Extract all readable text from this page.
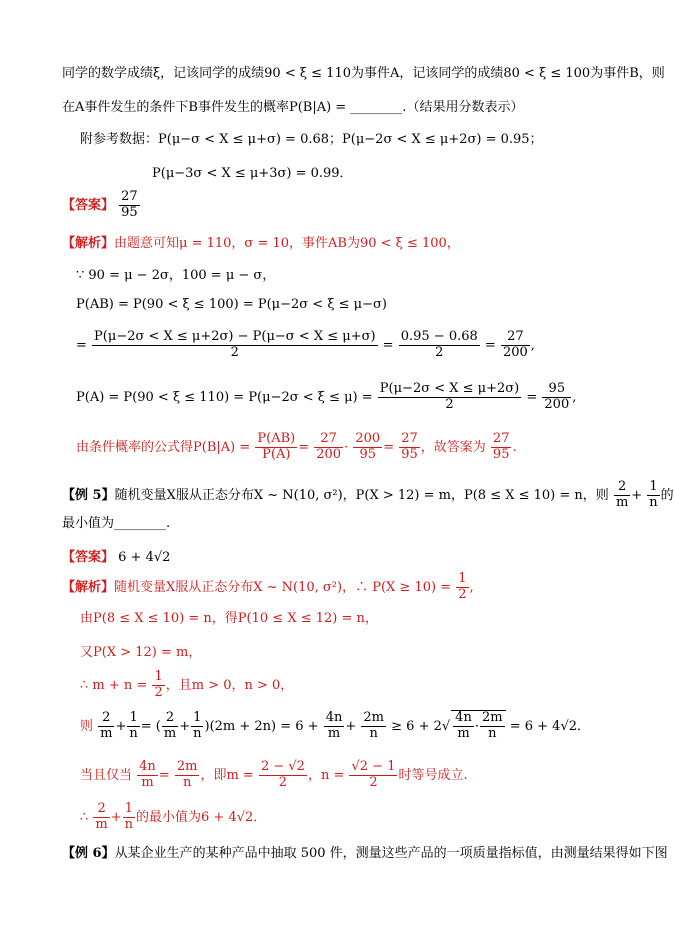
同学的数学成绩ξ，记该同学的成绩90 < ξ ≤ 110为事件A，记该同学的成绩80 < ξ ≤ 100为事件B，则
在A事件发生的条件下B事件发生的概率P(B|A) = ________.（结果用分数表示）
附参考数据：P(μ−σ < X ≤ μ+σ) = 0.68；P(μ−2σ < X ≤ μ+2σ) = 0.95；
P(μ−3σ < X ≤ μ+3σ) = 0.99．
【答案】 $\frac{27}{95}$
【解析】由题意可知μ = 110，σ = 10，事件AB为90 < ξ ≤ 100，
∵ 90 = μ − 2σ，100 = μ − σ，
P(AB) = P(90 < ξ ≤ 100) = P(μ−2σ < ξ ≤ μ−σ)
= $\frac{P(\mu-2\sigma < X \le \mu+2\sigma) - P(\mu-\sigma < X \le \mu+\sigma)}{2} = \frac{0.95 - 0.68}{2} = \frac{27}{200}$ ,
$P(A) = P(90 < \xi \le 110) = P(\mu-2\sigma < \xi \le \mu) = \frac{P(\mu-2\sigma < X \le \mu+2\sigma)}{2} = \frac{95}{200}$ ,
由条件概率的公式得$P(B|A) = \frac{P(AB)}{P(A)} = \frac{27}{200} \cdot \frac{200}{95} = \frac{27}{95}$ ，故答案为 $\frac{27}{95}$ .
【例 5】随机变量X服从正态分布X ~ N(10, σ²)，P(X > 12) = m，P(8 ≤ X ≤ 10) = n，则 $\frac{2}{m} + \frac{1}{n}$ 的
最小值为________.
【答案】 6 + 4√2
【解析】随机变量X服从正态分布X ~ N(10, σ²)，∴ $P(X \ge 10) = \frac{1}{2}$ ,
由P(8 ≤ X ≤ 10) = n，得P(10 ≤ X ≤ 12) = n，
又P(X > 12) = m，
∴ $m + n = \frac{1}{2}$ ，且m > 0，n > 0，
则 $\frac{2}{m} + \frac{1}{n}$ = ( $\frac{2}{m} + \frac{1}{n} )(2m + 2n) = 6 + \frac{4n}{m} + \frac{2m}{n} \ge 6 + 2√ \frac{4n}{m} \cdot \frac{2m}{n} = 6 + 4√2$．
当且仅当 $\frac{4n}{m} = \frac{2m}{n}$ ，即$m = \frac{2 - √2}{2}$ ，$n = \frac{√2 - 1}{2}$ 时等号成立.
∴ $\frac{2}{m} + \frac{1}{n}$ 的最小值为6 + 4√2．
【例 6】从某企业生产的某种产品中抽取 500 件，测量这些产品的一项质量指标值，由测量结果得如下图
